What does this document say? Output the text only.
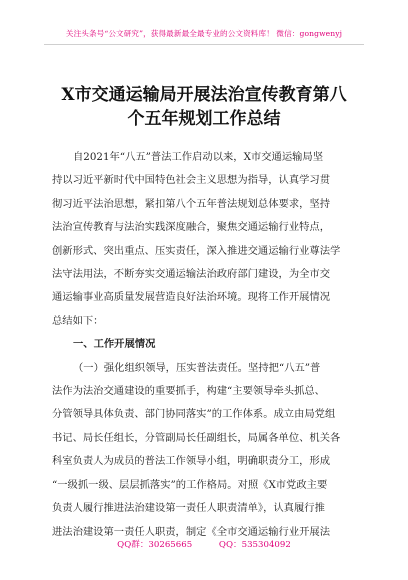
关注头条号“公文研究”，获得最新最全最专业的公文资料库！ 微信：gongwenyj
X市交通运输局开展法治宣传教育第八
个五年规划工作总结
自2021年“八五”普法工作启动以来，X市交通运输局坚
持以习近平新时代中国特色社会主义思想为指导，认真学习贯
彻习近平法治思想，紧扣第八个五年普法规划总体要求，坚持
法治宣传教育与法治实践深度融合，聚焦交通运输行业特点，
创新形式、突出重点、压实责任，深入推进交通运输行业尊法学
法守法用法，不断夯实交通运输法治政府部门建设，为全市交
通运输事业高质量发展营造良好法治环境。现将工作开展情况
总结如下：
一、工作开展情况
（一）强化组织领导，压实普法责任。坚持把“八五”普
法作为法治交通建设的重要抓手，构建“主要领导牵头抓总、
分管领导具体负责、部门协同落实”的工作体系。成立由局党组
书记、局长任组长，分管副局长任副组长，局属各单位、机关各
科室负责人为成员的普法工作领导小组，明确职责分工，形成
“一级抓一级、层层抓落实”的工作格局。对照《X市党政主要
负责人履行推进法治建设第一责任人职责清单》，认真履行推
进法治建设第一责任人职责，制定《全市交通运输行业开展法
QQ群：30265665	QQ：535304092
